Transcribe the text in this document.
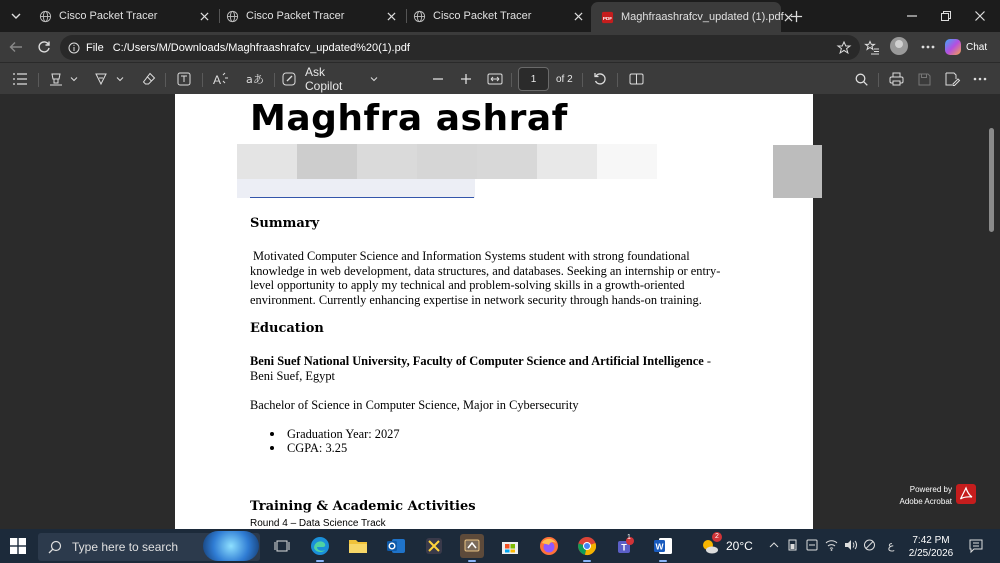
Cisco Packet Tracer	Cisco Packet Tracer	Cisco Packet Tracer	PDF Maghfraashrafcv_updated (1).pdf
File C:/Users/M/Downloads/Maghfraashrafcv_updated%20(1).pdf	Chat
A a あ
Ask Copilot	1	of 2
Maghfra ashraf
Summary
Motivated Computer Science and Information Systems student with strong foundational knowledge in web development, data structures, and databases. Seeking an internship or entry-level opportunity to apply my technical and problem-solving skills in a growth-oriented environment. Currently enhancing expertise in network security through hands-on training.
Education
Beni Suef National University, Faculty of Computer Science and Artificial Intelligence - Beni Suef, Egypt
Bachelor of Science in Computer Science, Major in Cybersecurity
Graduation Year: 2027
CGPA: 3.25
Training & Academic Activities
Round 4 – Data Science Track
Powered by
Adobe Acrobat
Type here to search	T
1
W	20°C
2
ع	7:42 PM
2/25/2026
